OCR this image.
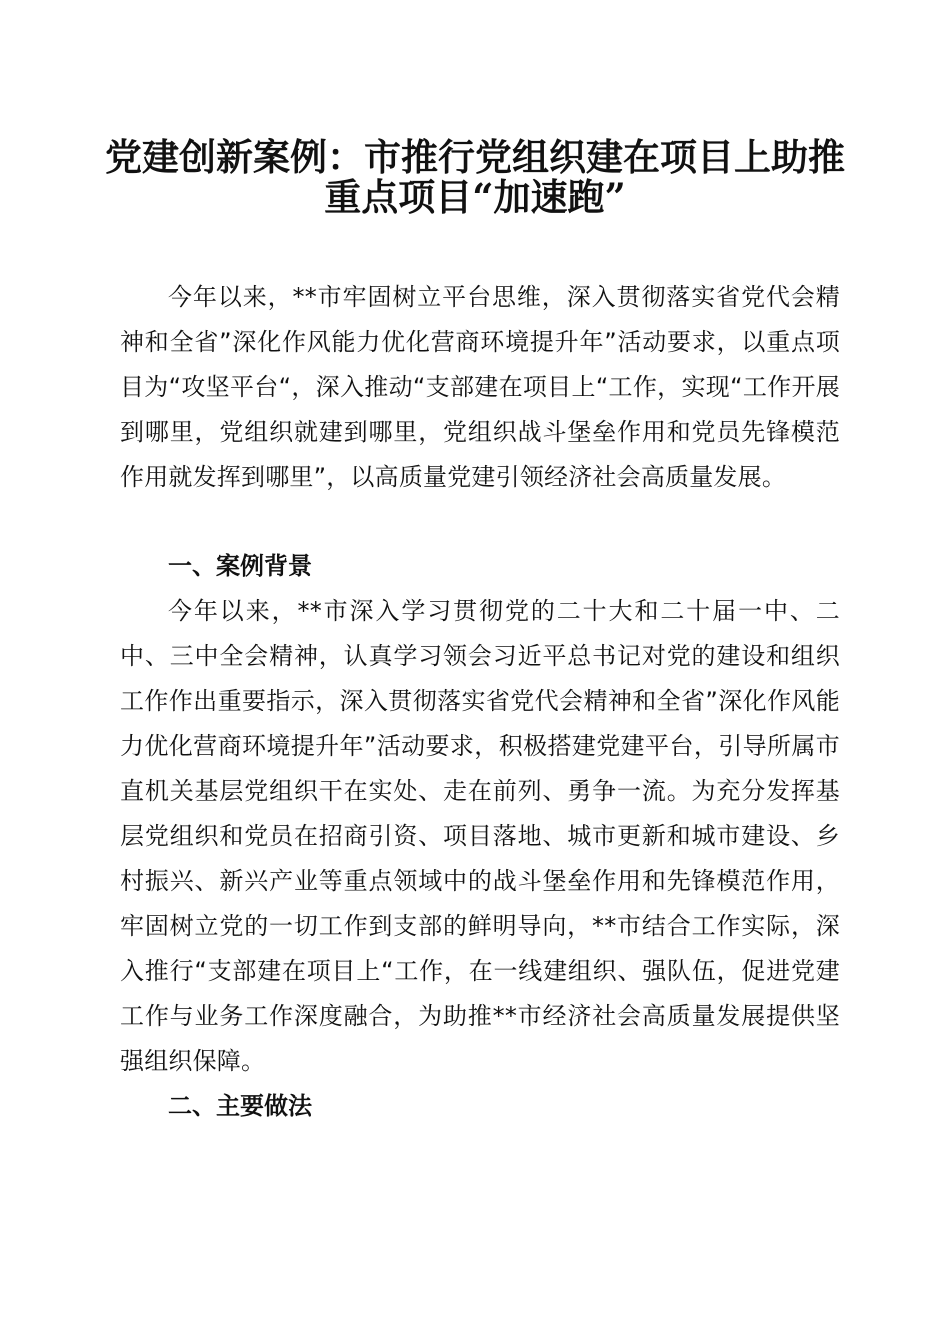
党建创新案例：市推行党组织建在项目上助推
重点项目“加速跑”

今年以来，**市牢固树立平台思维，深入贯彻落实省党代会精神和全省”深化作风能力优化营商环境提升年”活动要求，以重点项目为“攻坚平台“，深入推动“支部建在项目上“工作，实现“工作开展到哪里，党组织就建到哪里，党组织战斗堡垒作用和党员先锋模范作用就发挥到哪里”，以高质量党建引领经济社会高质量发展。

一、案例背景

今年以来，**市深入学习贯彻党的二十大和二十届一中、二中、三中全会精神，认真学习领会习近平总书记对党的建设和组织工作作出重要指示，深入贯彻落实省党代会精神和全省”深化作风能力优化营商环境提升年”活动要求，积极搭建党建平台，引导所属市直机关基层党组织干在实处、走在前列、勇争一流。为充分发挥基层党组织和党员在招商引资、项目落地、城市更新和城市建设、乡村振兴、新兴产业等重点领域中的战斗堡垒作用和先锋模范作用，牢固树立党的一切工作到支部的鲜明导向，**市结合工作实际，深入推行“支部建在项目上“工作，在一线建组织、强队伍，促进党建工作与业务工作深度融合，为助推**市经济社会高质量发展提供坚强组织保障。

二、主要做法
